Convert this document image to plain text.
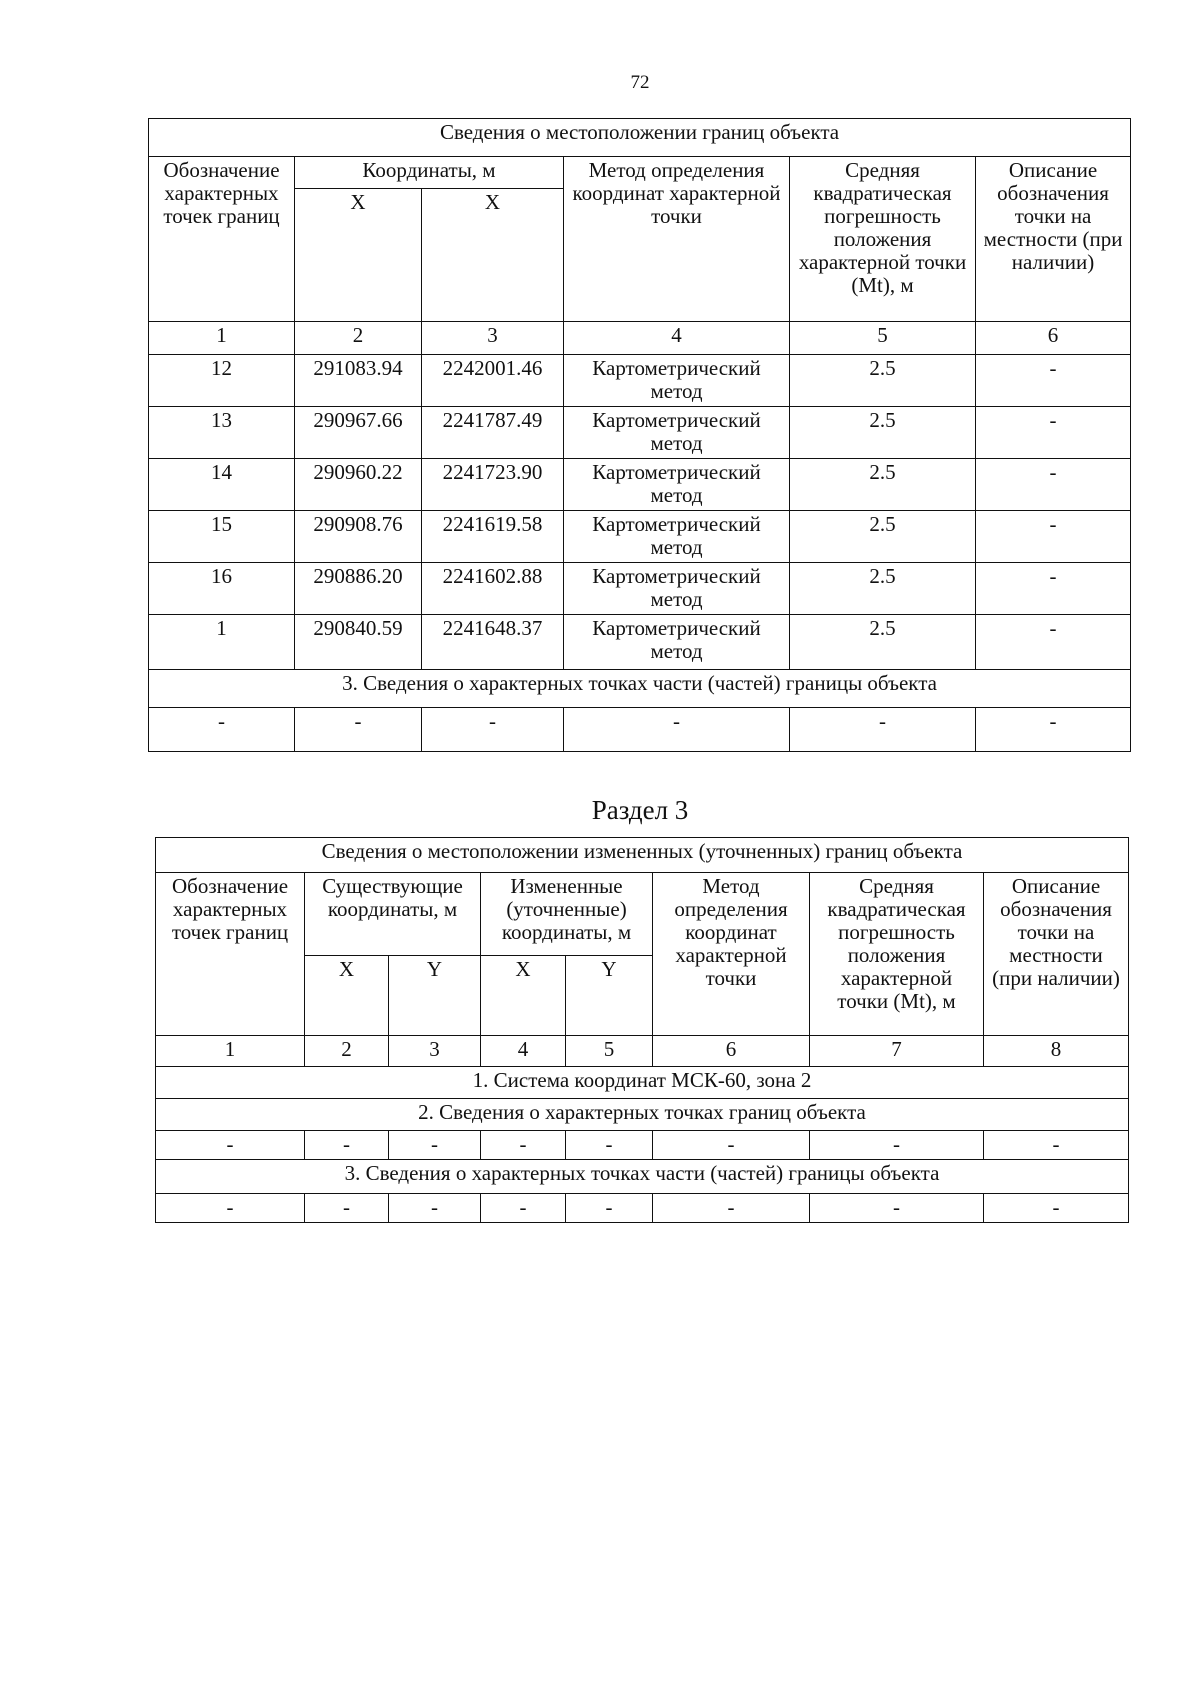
72
Сведения о местоположении границ объекта					
Обозначение характерных точек границ	Координаты, м		Метод определения координат характерной точки	Средняя квадратическая погрешность положения характерной точки (Mt), м	Описание обозначения точки на местности (при наличии)
	X	X			
1	2	3	4	5	6
12	291083.94	2242001.46	Картометрический метод	2.5	-
13	290967.66	2241787.49	Картометрический метод	2.5	-
14	290960.22	2241723.90	Картометрический метод	2.5	-
15	290908.76	2241619.58	Картометрический метод	2.5	-
16	290886.20	2241602.88	Картометрический метод	2.5	-
1	290840.59	2241648.37	Картометрический метод	2.5	-
3. Сведения о характерных точках части (частей) границы объекта					
-	-	-	-	-	-
Раздел 3
Сведения о местоположении измененных (уточненных) границ объекта							
Обозначение характерных точек границ	Существующие координаты, м		Измененные (уточненные) координаты, м		Метод определения координат характерной точки	Средняя квадратическая погрешность положения характерной точки (Mt), м	Описание обозначения точки на местности (при наличии)
	X	Y	X	Y			
1	2	3	4	5	6	7	8
1. Система координат МСК-60, зона 2							
2. Сведения о характерных точках границ объекта							
-	-	-	-	-	-	-	-
3. Сведения о характерных точках части (частей) границы объекта							
-	-	-	-	-	-	-	-
